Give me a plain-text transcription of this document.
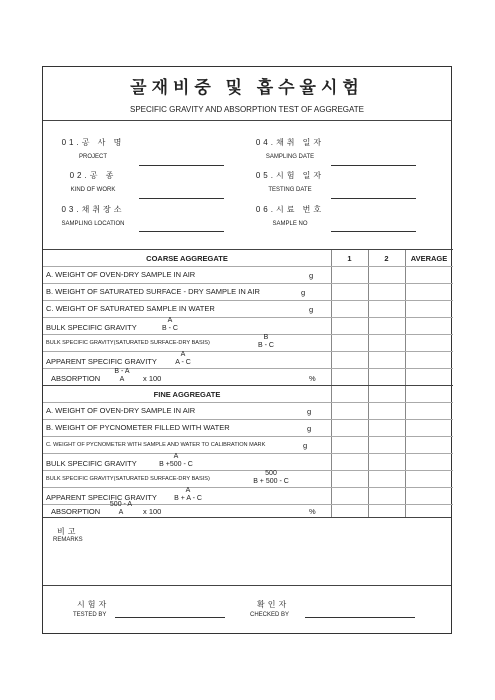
골재비중 및 흡수율시험
SPECIFIC GRAVITY AND ABSORPTION TEST OF AGGREGATE
01.공 사 명
PROJECT
02.공 종
KIND OF WORK
03.채취장소
SAMPLING LOCATION
04.채취 일자
SAMPLING DATE
05.시험 일자
TESTING DATE
06.시료 번호
SAMPLE NO
COARSE AGGREGATE	1	2	AVERAGE
A. WEIGHT OF OVEN-DRY SAMPLE IN AIR	g
B. WEIGHT OF SATURATED SURFACE - DRY SAMPLE IN AIR	g
C. WEIGHT OF SATURATED SAMPLE IN WATER	g
BULK SPECIFIC GRAVITY
A
B - C
BULK SPECIFIC GRAVITY(SATURATED SURFACE-DRY BASIS)
B
B - C
APPARENT SPECIFIC GRAVITY
A
A - C
ABSORPTION
B - A
A	x 100	%
FINE AGGREGATE
A. WEIGHT OF OVEN-DRY SAMPLE IN AIR	g
B. WEIGHT OF PYCNOMETER FILLED WITH WATER	g
C. WEIGHT OF PYCNOMETER WITH SAMPLE AND WATER TO CALIBRATION MARK	g
BULK SPECIFIC GRAVITY
A
B +500 - C
BULK SPECIFIC GRAVITY(SATURATED SURFACE-DRY BASIS)
500
B + 500 - C
APPARENT SPECIFIC GRAVITY
A
B + A - C
ABSORPTION
500 - A
A	x 100	%
비고
REMARKS
시험자
TESTED BY
확인자
CHECKED BY
